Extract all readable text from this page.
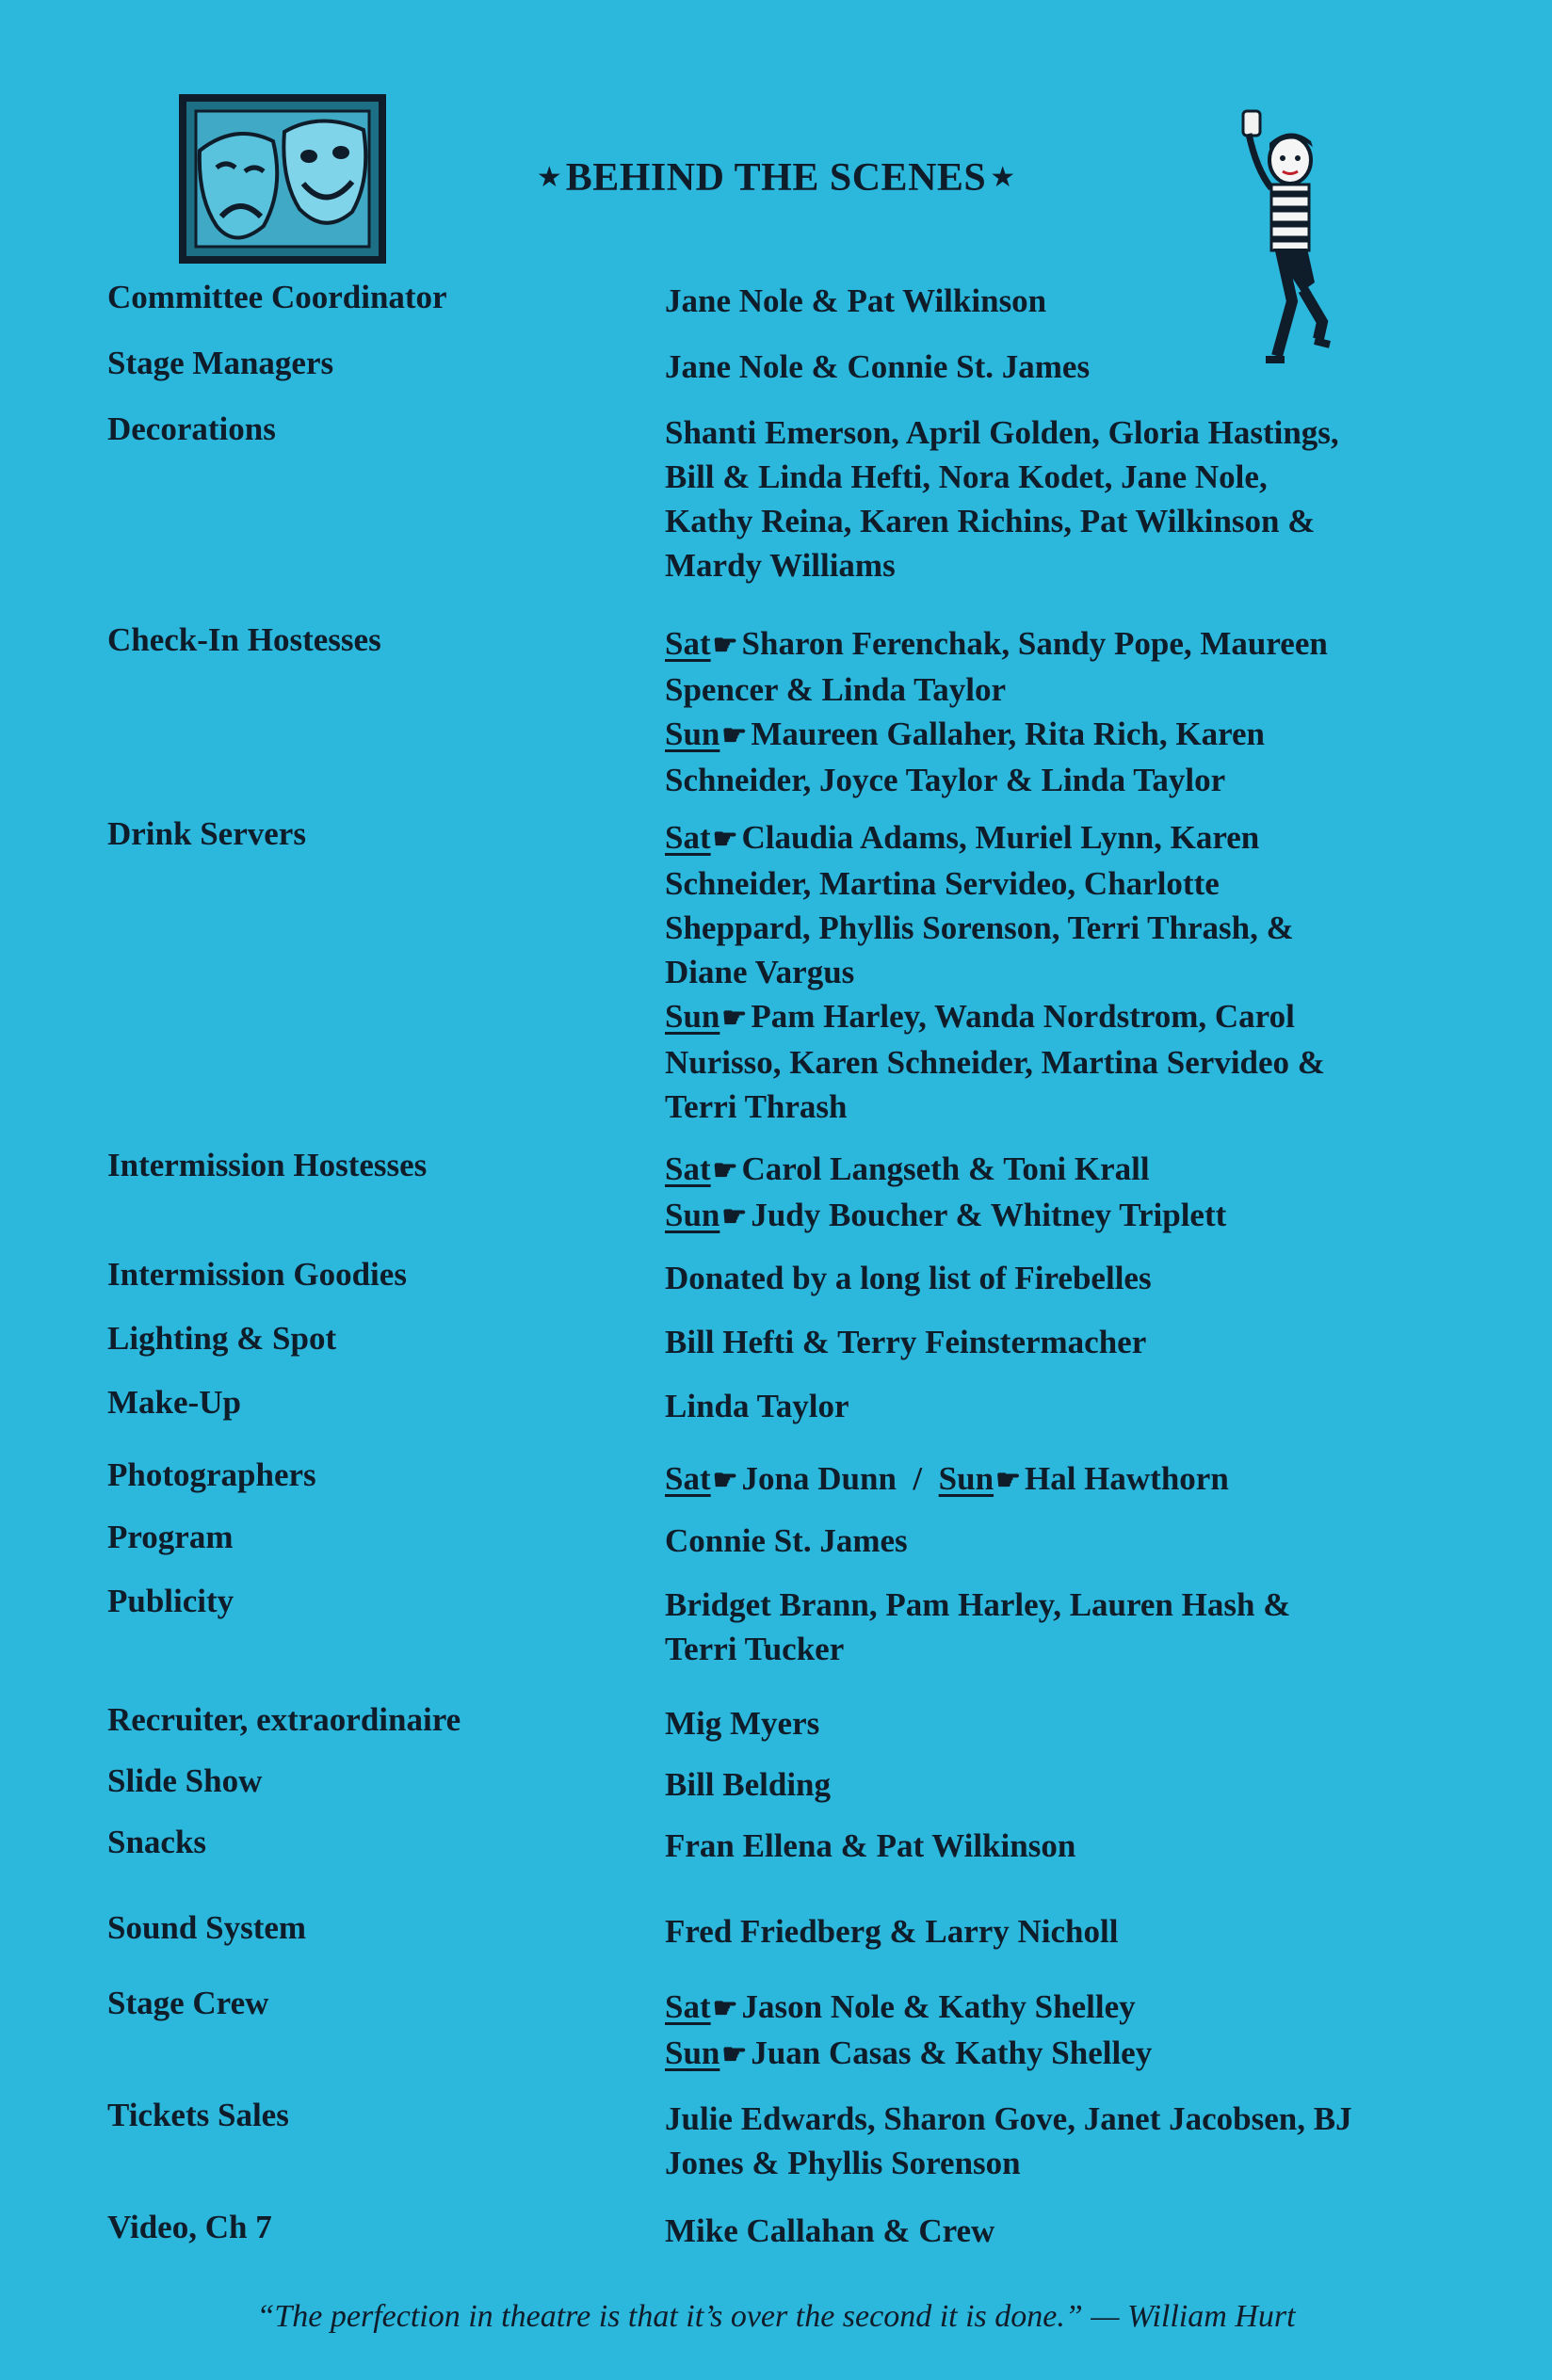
★ BEHIND THE SCENES ★
Committee Coordinator	Jane Nole & Pat Wilkinson
Stage Managers	Jane Nole & Connie St. James
Decorations	Shanti Emerson, April Golden, Gloria Hastings,
Bill & Linda Hefti, Nora Kodet, Jane Nole,
Kathy Reina, Karen Richins, Pat Wilkinson &
Mardy Williams
Check-In Hostesses	Sat☛ Sharon Ferenchak, Sandy Pope, Maureen
Spencer & Linda Taylor
Sun☛ Maureen Gallaher, Rita Rich, Karen
Schneider, Joyce Taylor & Linda Taylor
Drink Servers	Sat☛ Claudia Adams, Muriel Lynn, Karen
Schneider, Martina Servideo, Charlotte
Sheppard, Phyllis Sorenson, Terri Thrash, &
Diane Vargus
Sun☛ Pam Harley, Wanda Nordstrom, Carol
Nurisso, Karen Schneider, Martina Servideo &
Terri Thrash
Intermission Hostesses	Sat☛ Carol Langseth & Toni Krall
Sun☛ Judy Boucher & Whitney Triplett
Intermission Goodies	Donated by a long list of Firebelles
Lighting & Spot	Bill Hefti & Terry Feinstermacher
Make-Up	Linda Taylor
Photographers	Sat☛ Jona Dunn  /  Sun☛ Hal Hawthorn
Program	Connie St. James
Publicity	Bridget Brann, Pam Harley, Lauren Hash &
Terri Tucker
Recruiter, extraordinaire	Mig Myers
Slide Show	Bill Belding
Snacks	Fran Ellena & Pat Wilkinson
Sound System	Fred Friedberg & Larry Nicholl
Stage Crew	Sat☛ Jason Nole & Kathy Shelley
Sun☛ Juan Casas & Kathy Shelley
Tickets Sales	Julie Edwards, Sharon Gove, Janet Jacobsen, BJ
Jones & Phyllis Sorenson
Video, Ch 7	Mike Callahan & Crew
“The perfection in theatre is that it’s over the second it is done.” — William Hurt
